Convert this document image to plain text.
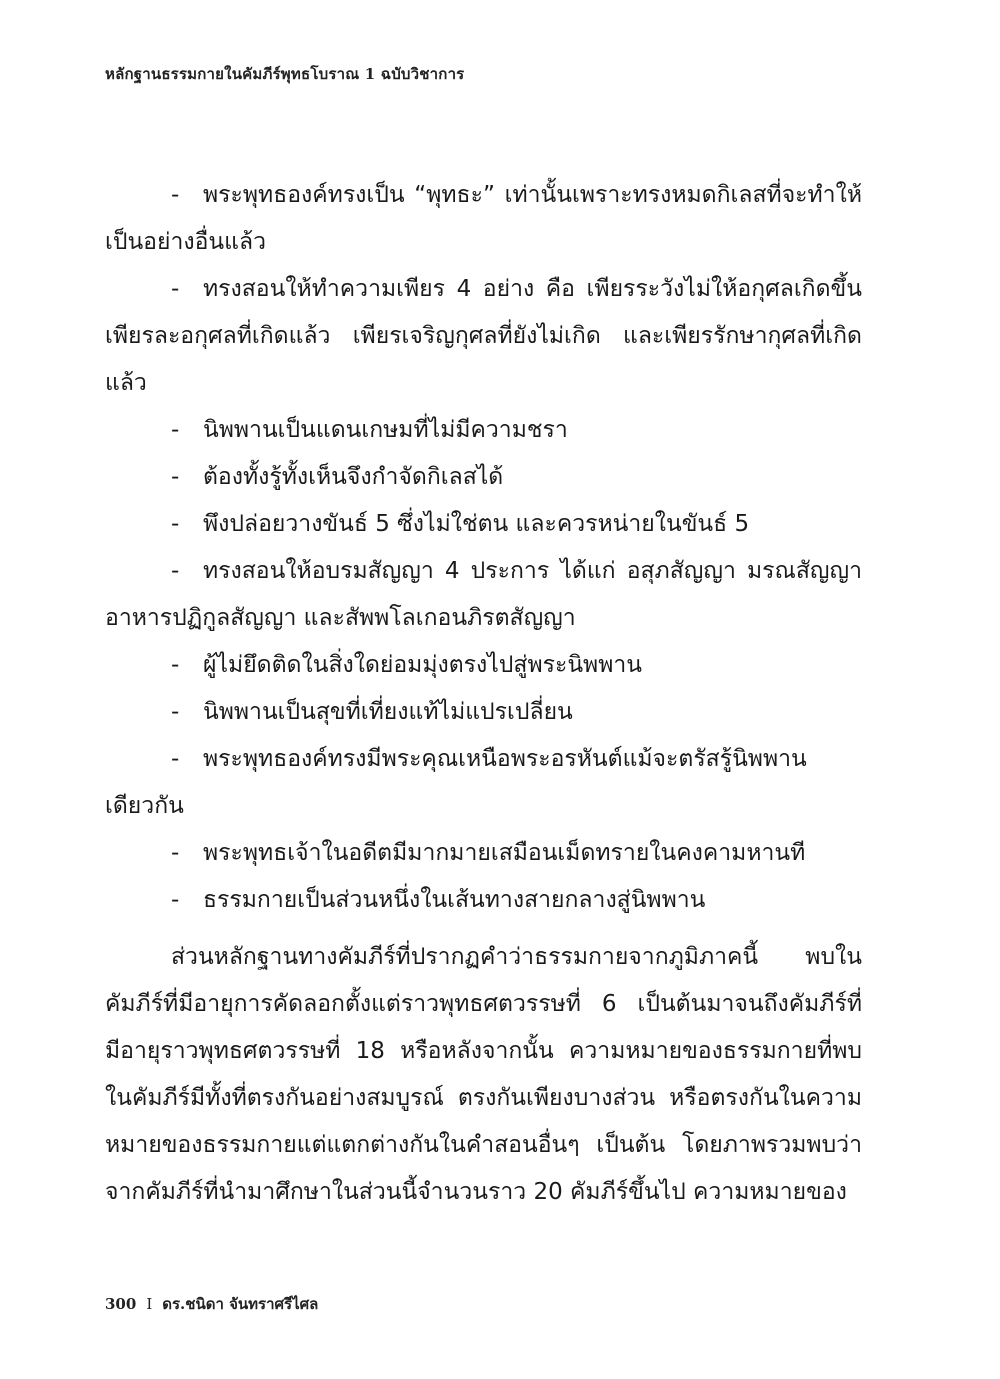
หลักฐานธรรมกายในคัมภีร์พุทธโบราณ 1 ฉบับวิชาการ

- พระพุทธองค์ทรงเป็น “พุทธะ” เท่านั้นเพราะทรงหมดกิเลสที่จะทำให้เป็นอย่างอื่นแล้ว

- ทรงสอนให้ทำความเพียร 4 อย่าง คือ เพียรระวังไม่ให้อกุศลเกิดขึ้น เพียรละอกุศลที่เกิดแล้ว เพียรเจริญกุศลที่ยังไม่เกิด และเพียรรักษากุศลที่เกิดแล้ว

- นิพพานเป็นแดนเกษมที่ไม่มีความชรา

- ต้องทั้งรู้ทั้งเห็นจึงกำจัดกิเลสได้

- พึงปล่อยวางขันธ์ 5 ซึ่งไม่ใช่ตน และควรหน่ายในขันธ์ 5

- ทรงสอนให้อบรมสัญญา 4 ประการ ได้แก่ อสุภสัญญา มรณสัญญา อาหารปฏิกูลสัญญา และสัพพโลเกอนภิรตสัญญา

- ผู้ไม่ยึดติดในสิ่งใดย่อมมุ่งตรงไปสู่พระนิพพาน

- นิพพานเป็นสุขที่เที่ยงแท้ไม่แปรเปลี่ยน

- พระพุทธองค์ทรงมีพระคุณเหนือพระอรหันต์แม้จะตรัสรู้นิพพานเดียวกัน

- พระพุทธเจ้าในอดีตมีมากมายเสมือนเม็ดทรายในคงคามหานที

- ธรรมกายเป็นส่วนหนึ่งในเส้นทางสายกลางสู่นิพพาน

ส่วนหลักฐานทางคัมภีร์ที่ปรากฏคำว่าธรรมกายจากภูมิภาคนี้ พบในคัมภีร์ที่มีอายุการคัดลอกตั้งแต่ราวพุทธศตวรรษที่ 6 เป็นต้นมาจนถึงคัมภีร์ที่มีอายุราวพุทธศตวรรษที่ 18 หรือหลังจากนั้น ความหมายของธรรมกายที่พบในคัมภีร์มีทั้งที่ตรงกันอย่างสมบูรณ์ ตรงกันเพียงบางส่วน หรือตรงกันในความหมายของธรรมกายแต่แตกต่างกันในคำสอนอื่นๆ เป็นต้น โดยภาพรวมพบว่าจากคัมภีร์ที่นำมาศึกษาในส่วนนี้จำนวนราว 20 คัมภีร์ขึ้นไป ความหมายของ

300 I ดร.ชนิดา จันทราศรีไศล
